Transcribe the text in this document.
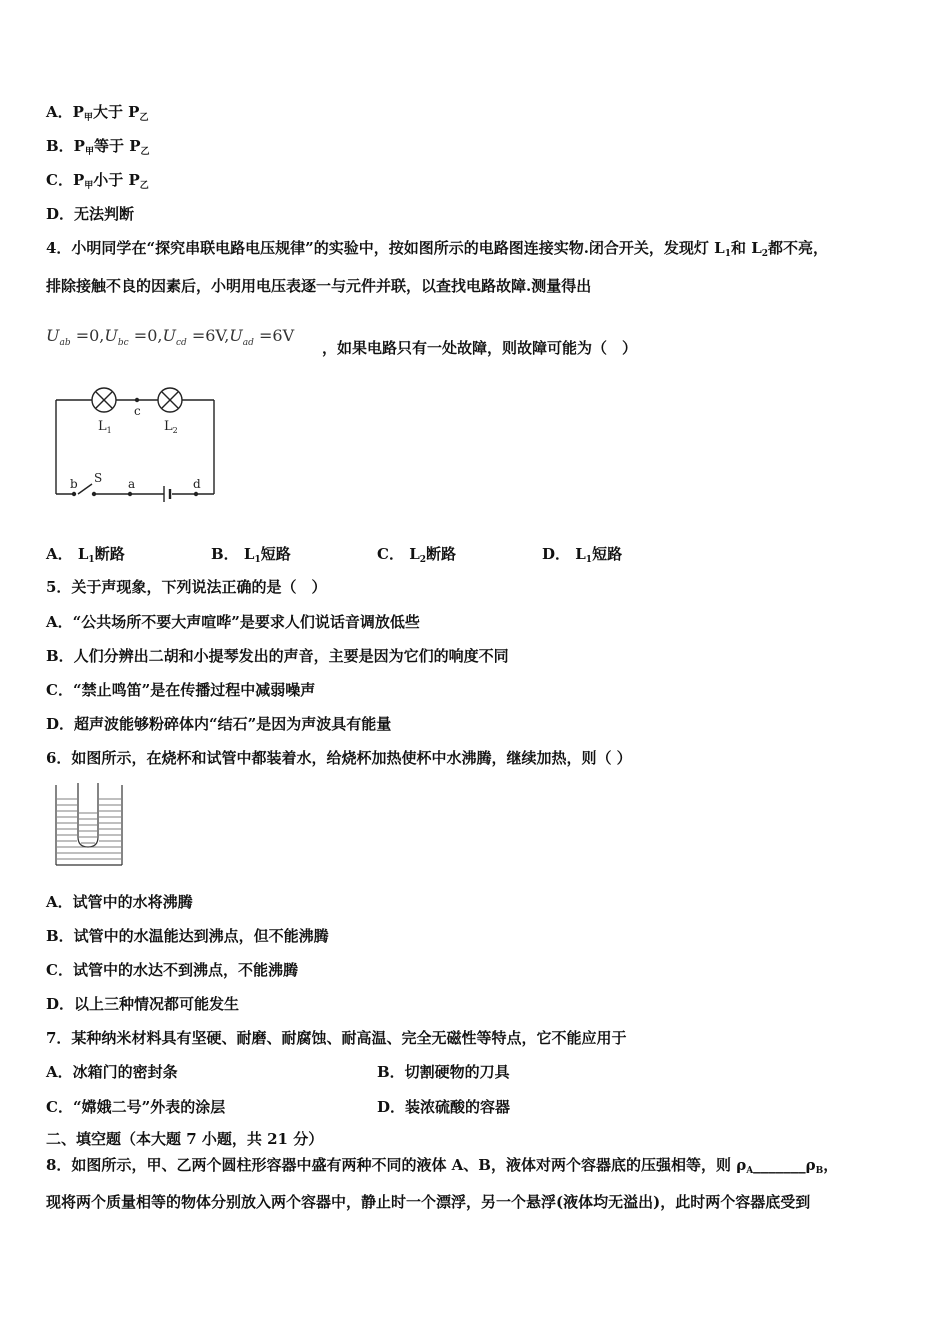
A．$P_甲$大于 $P_乙$
B．$P_甲$等于 $P_乙$
C．$P_甲$小于 $P_乙$
D．无法判断
4．小明同学在“探究串联电路电压规律”的实验中，按如图所示的电路图连接实物.闭合开关，发现灯 $L_1$和 $L_2$都不亮，
排除接触不良的因素后，小明用电压表逐一与元件并联，以查找电路故障.测量得出
$U_{ab} =0,U_{bc} =0,U_{cd} =6V,U_{ad} =6V$
，如果电路只有一处故障，则故障可能为（　）
$L_1$	$L_2$
c
b S a	d
A． $L_1$断路	B． $L_1$短路	C． $L_2$断路	D． $L_1$短路
5．关于声现象，下列说法正确的是（　）
A．“公共场所不要大声喧哗”是要求人们说话音调放低些
B．人们分辨出二胡和小提琴发出的声音，主要是因为它们的响度不同
C．“禁止鸣笛”是在传播过程中减弱噪声
D．超声波能够粉碎体内“结石”是因为声波具有能量
6．如图所示，在烧杯和试管中都装着水，给烧杯加热使杯中水沸腾，继续加热，则（ ）
A．试管中的水将沸腾
B．试管中的水温能达到沸点，但不能沸腾
C．试管中的水达不到沸点，不能沸腾
D．以上三种情况都可能发生
7．某种纳米材料具有坚硬、耐磨、耐腐蚀、耐高温、完全无磁性等特点，它不能应用于
A．冰箱门的密封条	B．切割硬物的刀具
C．“嫦娥二号”外表的涂层	D．装浓硫酸的容器
二、填空题（本大题 7 小题，共 21 分）
8．如图所示，甲、乙两个圆柱形容器中盛有两种不同的液体 A、B，液体对两个容器底的压强相等，则 $\rho_A\_\_\_\_\_\_\_\rho_B$，
现将两个质量相等的物体分别放入两个容器中，静止时一个漂浮，另一个悬浮(液体均无溢出)，此时两个容器底受到
